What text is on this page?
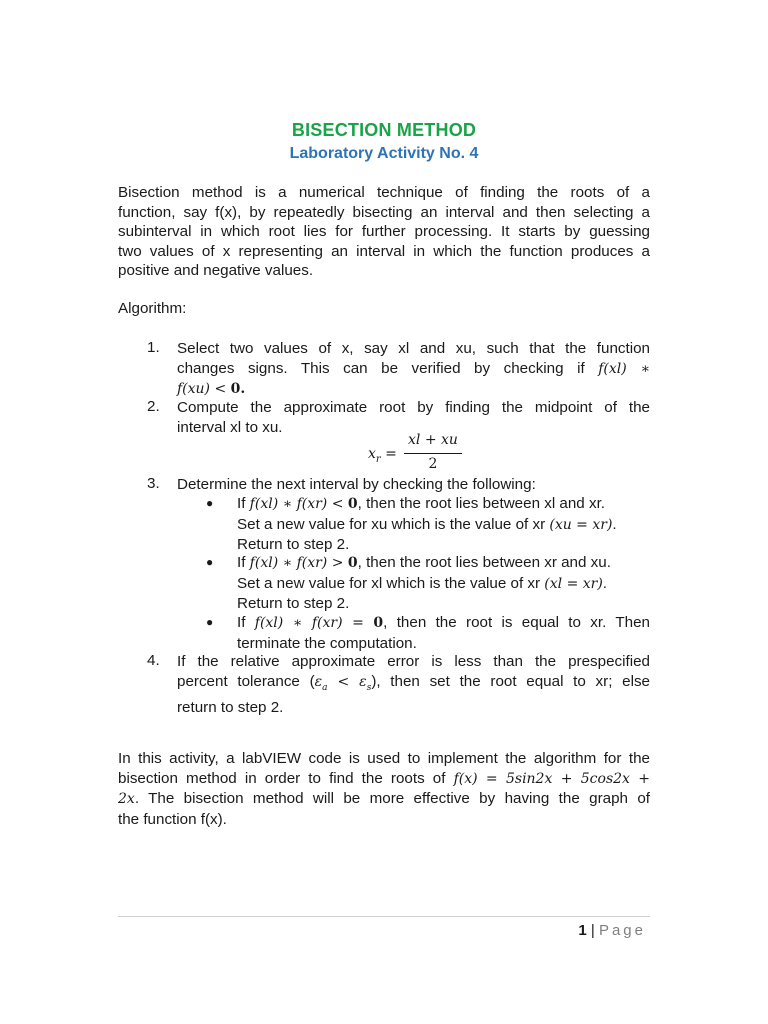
BISECTION METHOD
Laboratory Activity No. 4
Bisection method is a numerical technique of finding the roots of a
function, say f(x), by repeatedly bisecting an interval and then selecting a
subinterval in which root lies for further processing. It starts by guessing
two values of x representing an interval in which the function produces a
positive and negative values.
Algorithm:
1. Select two values of x, say xl and xu, such that the function
changes signs. This can be verified by checking if f(xl) ∗
f(xu) < 0.
2. Compute the approximate root by finding the midpoint of the
interval xl to xu.
$x_r$ =
xl + xu
2
3. Determine the next interval by checking the following:
● If f(xl) ∗ f(xr) < 0, then the root lies between xl and xr.
Set a new value for xu which is the value of xr (xu = xr).
Return to step 2.
● If f(xl) ∗ f(xr) > 0, then the root lies between xr and xu.
Set a new value for xl which is the value of xr (xl = xr).
Return to step 2.
● If f(xl) ∗ f(xr) = 0, then the root is equal to xr. Then
terminate the computation.
4. If the relative approximate error is less than the prespecified
percent tolerance $(\varepsilon_a < \varepsilon_s)$, then set the root equal to xr; else
return to step 2.
In this activity, a labVIEW code is used to implement the algorithm for the
bisection method in order to find the roots of f(x) = 5sin2x + 5cos2x +
2x. The bisection method will be more effective by having the graph of
the function f(x).
1 | Page
